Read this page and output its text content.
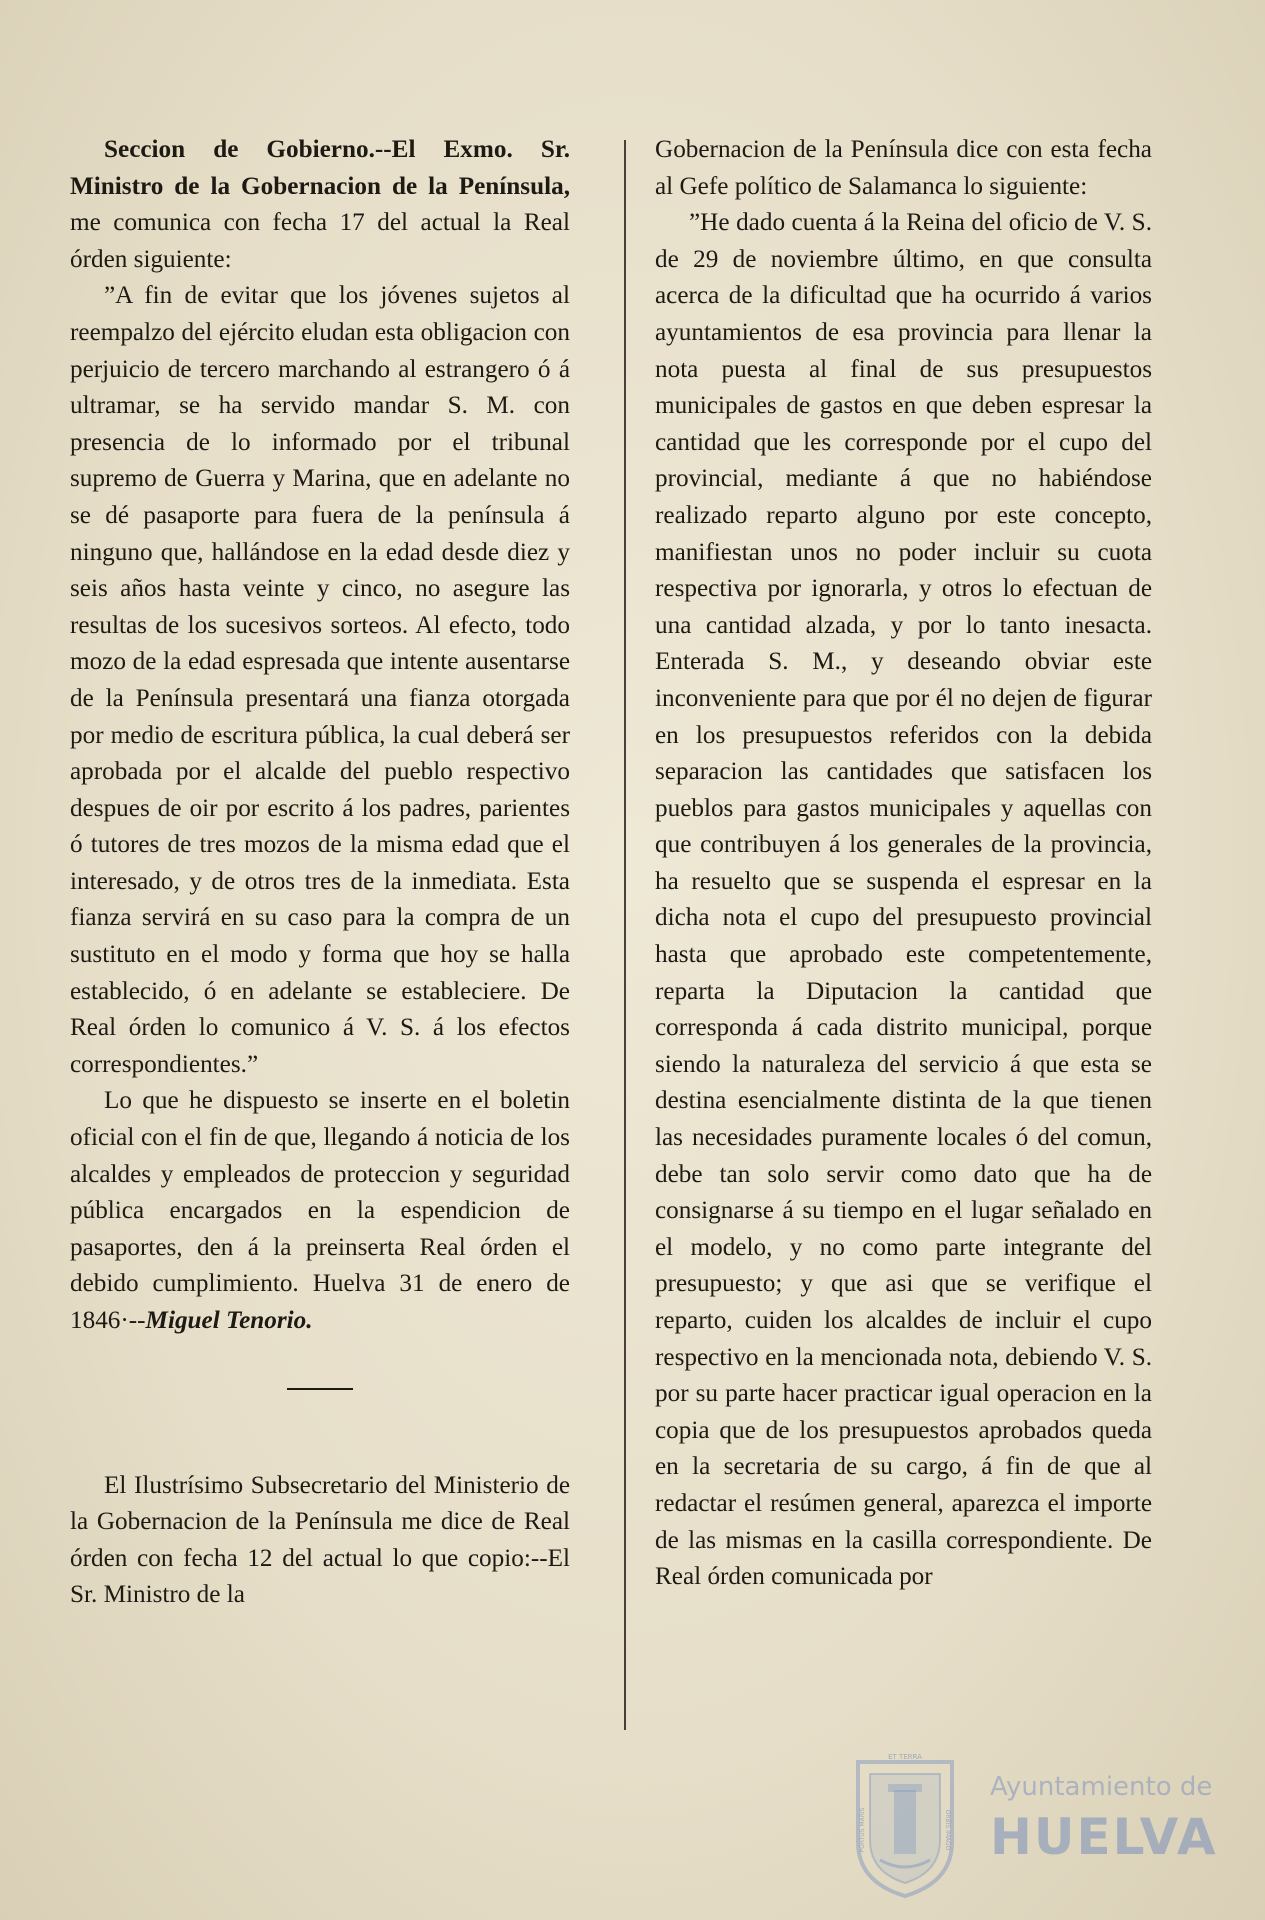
Seccion de Gobierno.--El Exmo. Sr. Ministro de la Gobernacion de la Península, me comunica con fecha 17 del actual la Real órden siguiente:

”A fin de evitar que los jóvenes sujetos al reempalzo del ejército eludan esta obligacion con perjuicio de tercero marchando al estrangero ó á ultramar, se ha servido mandar S. M. con presencia de lo informado por el tribunal supremo de Guerra y Marina, que en adelante no se dé pasaporte para fuera de la península á ninguno que, hallándose en la edad desde diez y seis años hasta veinte y cinco, no asegure las resultas de los sucesivos sorteos. Al efecto, todo mozo de la edad espresada que intente ausentarse de la Península presentará una fianza otorgada por medio de escritura pública, la cual deberá ser aprobada por el alcalde del pueblo respectivo despues de oir por escrito á los padres, parientes ó tutores de tres mozos de la misma edad que el interesado, y de otros tres de la inmediata. Esta fianza servirá en su caso para la compra de un sustituto en el modo y forma que hoy se halla establecido, ó en adelante se estableciere. De Real órden lo comunico á V. S. á los efectos correspondientes.”

Lo que he dispuesto se inserte en el boletin oficial con el fin de que, llegando á noticia de los alcaldes y empleados de proteccion y seguridad pública encargados en la espendicion de pasaportes, den á la preinserta Real órden el debido cumplimiento. Huelva 31 de enero de 1846·--Miguel Tenorio.

El Ilustrísimo Subsecretario del Ministerio de la Gobernacion de la Península me dice de Real órden con fecha 12 del actual lo que copio:--El Sr. Ministro de la

Gobernacion de la Península dice con esta fecha al Gefe político de Salamanca lo siguiente:

”He dado cuenta á la Reina del oficio de V. S. de 29 de noviembre último, en que consulta acerca de la dificultad que ha ocurrido á varios ayuntamientos de esa provincia para llenar la nota puesta al final de sus presupuestos municipales de gastos en que deben espresar la cantidad que les corresponde por el cupo del provincial, mediante á que no habiéndose realizado reparto alguno por este concepto, manifiestan unos no poder incluir su cuota respectiva por ignorarla, y otros lo efectuan de una cantidad alzada, y por lo tanto inesacta. Enterada S. M., y deseando obviar este inconveniente para que por él no dejen de figurar en los presupuestos referidos con la debida separacion las cantidades que satisfacen los pueblos para gastos municipales y aquellas con que contribuyen á los generales de la provincia, ha resuelto que se suspenda el espresar en la dicha nota el cupo del presupuesto provincial hasta que aprobado este competentemente, reparta la Diputacion la cantidad que corresponda á cada distrito municipal, porque siendo la naturaleza del servicio á que esta se destina esencialmente distinta de la que tienen las necesidades puramente locales ó del comun, debe tan solo servir como dato que ha de consignarse á su tiempo en el lugar señalado en el modelo, y no como parte integrante del presupuesto; y que asi que se verifique el reparto, cuiden los alcaldes de incluir el cupo respectivo en la mencionada nota, debiendo V. S. por su parte hacer practicar igual operacion en la copia que de los presupuestos aprobados queda en la secretaria de su cargo, á fin de que al redactar el resúmen general, aparezca el importe de las mismas en la casilla correspondiente. De Real órden comunicada por

ET TERRA
PORTUS MARIS	ORBIS IMAGO
Ayuntamiento de
HUELVA
